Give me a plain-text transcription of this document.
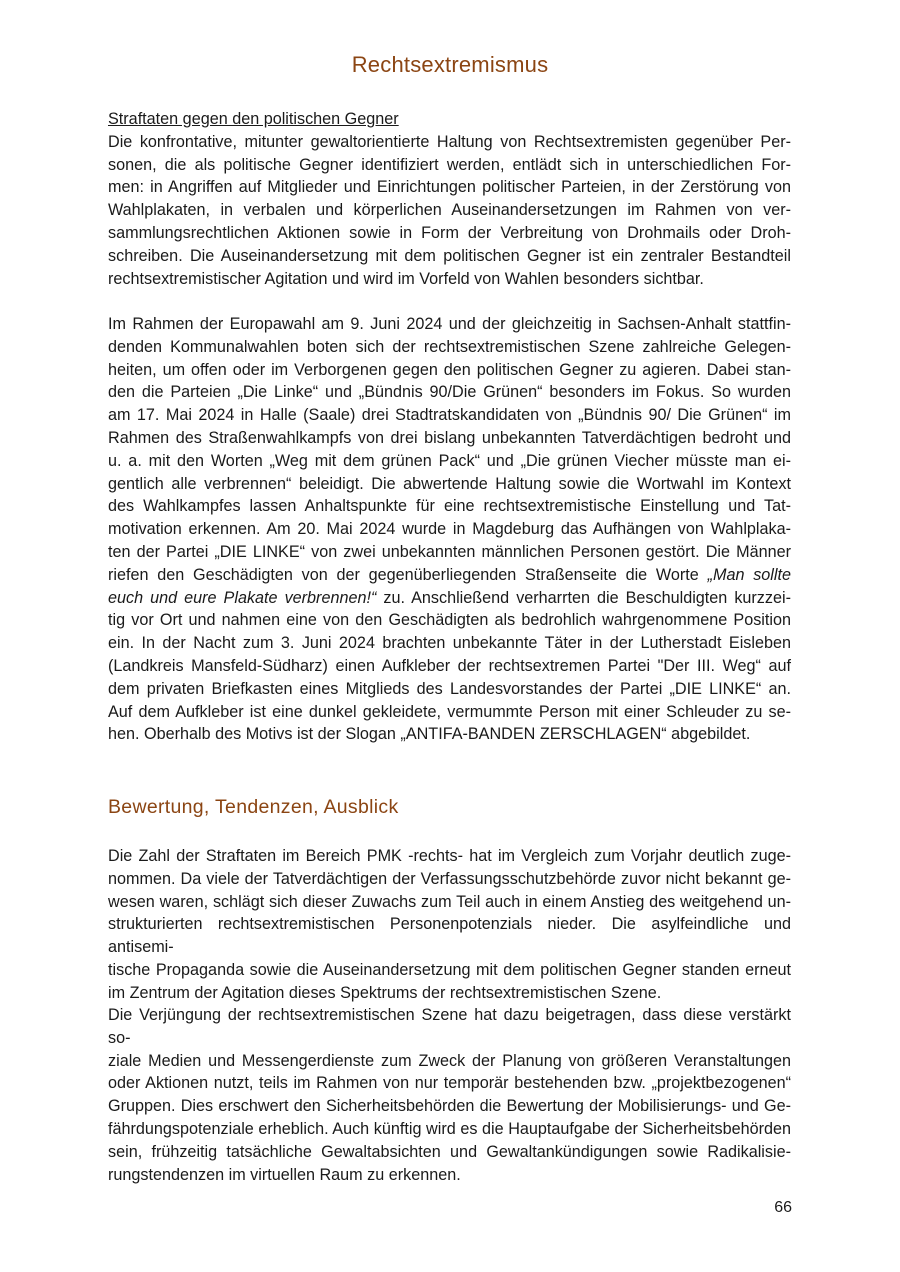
Rechtsextremismus
Straftaten gegen den politischen Gegner
Die konfrontative, mitunter gewaltorientierte Haltung von Rechtsextremisten gegenüber Per-
sonen, die als politische Gegner identifiziert werden, entlädt sich in unterschiedlichen For-
men: in Angriffen auf Mitglieder und Einrichtungen politischer Parteien, in der Zerstörung von
Wahlplakaten, in verbalen und körperlichen Auseinandersetzungen im Rahmen von ver-
sammlungsrechtlichen Aktionen sowie in Form der Verbreitung von Drohmails oder Droh-
schreiben. Die Auseinandersetzung mit dem politischen Gegner ist ein zentraler Bestandteil
rechtsextremistischer Agitation und wird im Vorfeld von Wahlen besonders sichtbar.
Im Rahmen der Europawahl am 9. Juni 2024 und der gleichzeitig in Sachsen-Anhalt stattfin-
denden Kommunalwahlen boten sich der rechtsextremistischen Szene zahlreiche Gelegen-
heiten, um offen oder im Verborgenen gegen den politischen Gegner zu agieren. Dabei stan-
den die Parteien „Die Linke“ und „Bündnis 90/Die Grünen“ besonders im Fokus. So wurden
am 17. Mai 2024 in Halle (Saale) drei Stadtratskandidaten von „Bündnis 90/ Die Grünen“ im
Rahmen des Straßenwahlkampfs von drei bislang unbekannten Tatverdächtigen bedroht und
u. a. mit den Worten „Weg mit dem grünen Pack“ und „Die grünen Viecher müsste man ei-
gentlich alle verbrennen“ beleidigt. Die abwertende Haltung sowie die Wortwahl im Kontext
des Wahlkampfes lassen Anhaltspunkte für eine rechtsextremistische Einstellung und Tat-
motivation erkennen. Am 20. Mai 2024 wurde in Magdeburg das Aufhängen von Wahlplaka-
ten der Partei „DIE LINKE“ von zwei unbekannten männlichen Personen gestört. Die Männer
riefen den Geschädigten von der gegenüberliegenden Straßenseite die Worte „Man sollte
euch und eure Plakate verbrennen!“ zu. Anschließend verharrten die Beschuldigten kurzzei-
tig vor Ort und nahmen eine von den Geschädigten als bedrohlich wahrgenommene Position
ein. In der Nacht zum 3. Juni 2024 brachten unbekannte Täter in der Lutherstadt Eisleben
(Landkreis Mansfeld-Südharz) einen Aufkleber der rechtsextremen Partei "Der III. Weg“ auf
dem privaten Briefkasten eines Mitglieds des Landesvorstandes der Partei „DIE LINKE“ an.
Auf dem Aufkleber ist eine dunkel gekleidete, vermummte Person mit einer Schleuder zu se-
hen. Oberhalb des Motivs ist der Slogan „ANTIFA-BANDEN ZERSCHLAGEN“ abgebildet.
Bewertung, Tendenzen, Ausblick
Die Zahl der Straftaten im Bereich PMK -rechts- hat im Vergleich zum Vorjahr deutlich zuge-
nommen. Da viele der Tatverdächtigen der Verfassungsschutzbehörde zuvor nicht bekannt ge-
wesen waren, schlägt sich dieser Zuwachs zum Teil auch in einem Anstieg des weitgehend un-
strukturierten rechtsextremistischen Personenpotenzials nieder. Die asylfeindliche und antisemi-
tische Propaganda sowie die Auseinandersetzung mit dem politischen Gegner standen erneut
im Zentrum der Agitation dieses Spektrums der rechtsextremistischen Szene.
Die Verjüngung der rechtsextremistischen Szene hat dazu beigetragen, dass diese verstärkt so-
ziale Medien und Messengerdienste zum Zweck der Planung von größeren Veranstaltungen
oder Aktionen nutzt, teils im Rahmen von nur temporär bestehenden bzw. „projektbezogenen“
Gruppen. Dies erschwert den Sicherheitsbehörden die Bewertung der Mobilisierungs- und Ge-
fährdungspotenziale erheblich. Auch künftig wird es die Hauptaufgabe der Sicherheitsbehörden
sein, frühzeitig tatsächliche Gewaltabsichten und Gewaltankündigungen sowie Radikalisie-
rungstendenzen im virtuellen Raum zu erkennen.
66
